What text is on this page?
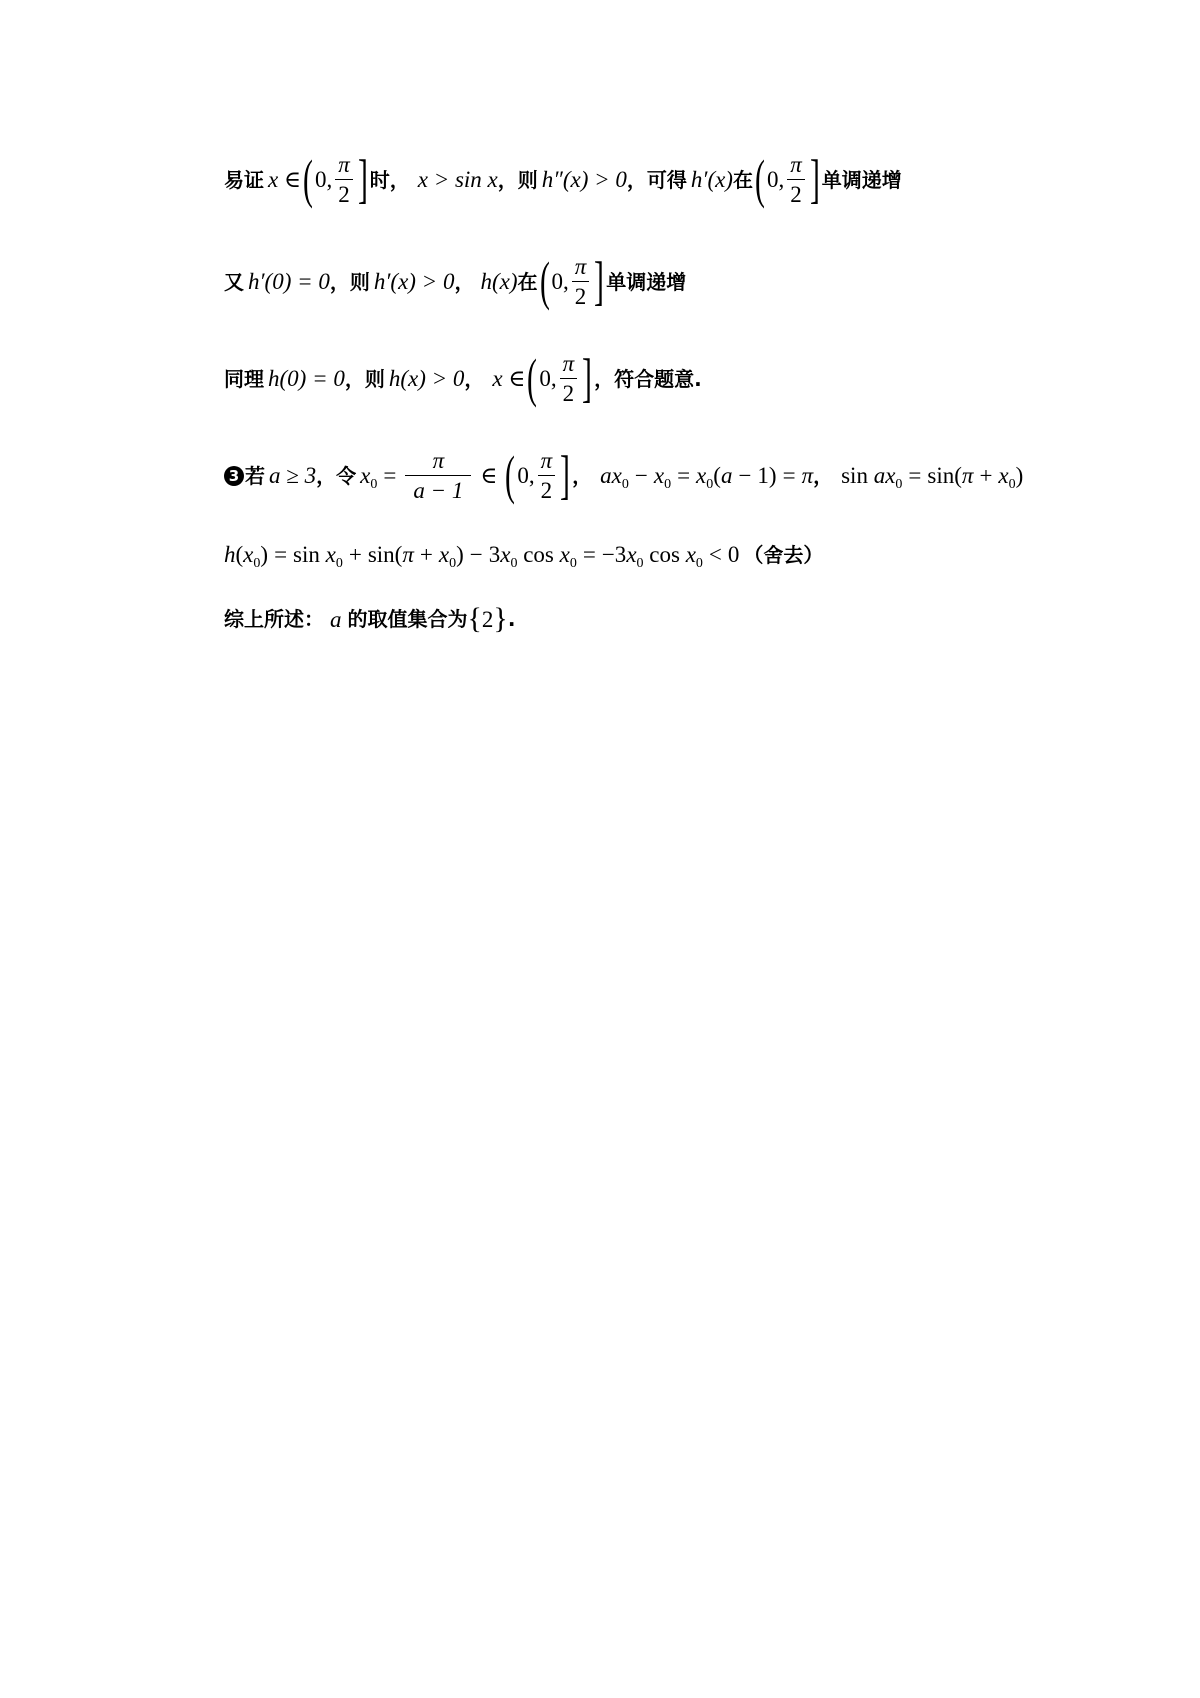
易证 x ∈ ( 0, $\frac{\pi}{2}$ ] 时， x > sin x ，则 h″(x) > 0 ，可得 h′(x) 在 ( 0, $\frac{\pi}{2}$ ] 单调递增
又 h′(0) = 0 ，则 h′(x) > 0 ， h(x) 在 ( 0, $\frac{\pi}{2}$ ] 单调递增
同理 h(0) = 0 ，则 h(x) > 0 ， x ∈ ( 0, $\frac{\pi}{2}$ ] ，符合题意.
3 若 a ≥ 3 ，令 $x_0 = \frac{\pi}{a - 1}$ ∈ ( 0, $\frac{\pi}{2}$ ] ， $ax_0 - x_0 = x_0(a - 1) = \pi$ ， $\sin ax_0 = \sin(\pi + x_0)$
$h(x_0) = \sin x_0 + \sin(\pi + x_0) - 3x_0$ $\cos x_0 = -3x_0$ $\cos x_0 < 0$ （舍去）
综上所述： a 的取值集合为 { 2 } .
